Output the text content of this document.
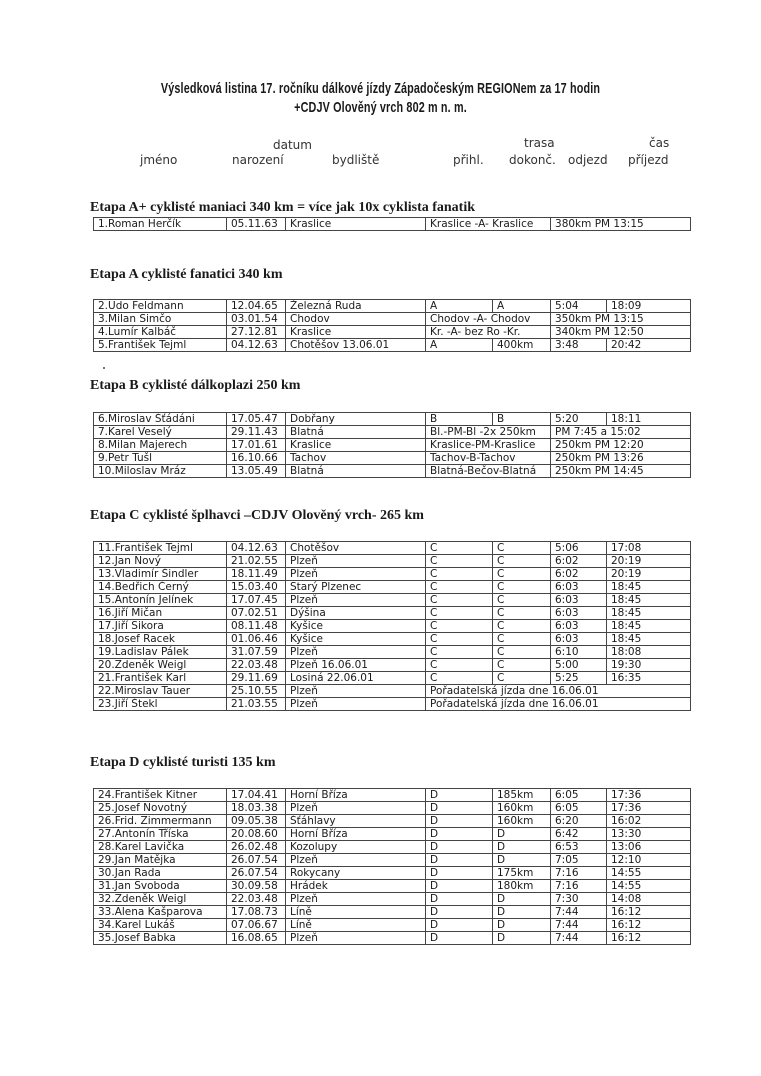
Výsledková listina 17. ročníku dálkové jízdy Západočeským REGIONem za 17 hodin
+CDJV Olověný vrch 802 m n. m.
datum	trasa	čas
jméno	narození	bydliště	přihl. dokonč. odjezd příjezd
Etapa A+ cyklisté maniaci 340 km = více jak 10x cyklista fanatik
1.Roman Herčík	05.11.63	Kraslice	Kraslice -A- Kraslice	380km PM 13:15
Etapa A cyklisté fanatici 340 km
2.Udo Feldmann	12.04.65	Železná Ruda	A	A	5:04	18:09
3.Milan Simčo	03.01.54	Chodov	Chodov -A- Chodov		350km PM 13:15	
4.Lumír Kalbáč	27.12.81	Kraslice	Kr. -A- bez Ro -Kr.		340km PM 12:50	
5.František Tejml	04.12.63	Chotěšov 13.06.01	A	400km	3:48	20:42
Etapa B cyklisté dálkoplazi 250 km
6.Miroslav Šťádáni	17.05.47	Dobřany	B	B	5:20	18:11
7.Karel Veselý	29.11.43	Blatná	Bl.-PM-Bl -2x 250km		PM 7:45 a 15:02	
8.Milan Majerech	17.01.61	Kraslice	Kraslice-PM-Kraslice		250km PM 12:20	
9.Petr Tušl	16.10.66	Tachov	Tachov-B-Tachov		250km PM 13:26	
10.Miloslav Mráz	13.05.49	Blatná	Blatná-Bečov-Blatná		250km PM 14:45	
Etapa C cyklisté šplhavci –CDJV Olověný vrch- 265 km
11.František Tejml	04.12.63	Chotěšov	C	C	5:06	17:08
12.Jan Nový	21.02.55	Plzeň	C	C	6:02	20:19
13.Vladimír Šindler	18.11.49	Plzeň	C	C	6:02	20:19
14.Bedřich Černý	15.03.40	Starý Plzenec	C	C	6:03	18:45
15.Antonín Jelínek	17.07.45	Plzeň	C	C	6:03	18:45
16.Jiří Mičan	07.02.51	Dýšina	C	C	6:03	18:45
17.Jiří Sikora	08.11.48	Kyšice	C	C	6:03	18:45
18.Josef Racek	01.06.46	Kyšice	C	C	6:03	18:45
19.Ladislav Pálek	31.07.59	Plzeň	C	C	6:10	18:08
20.Zdeněk Weigl	22.03.48	Plzeň 16.06.01	C	C	5:00	19:30
21.František Karl	29.11.69	Losiná 22.06.01	C	C	5:25	16:35
22.Miroslav Tauer	25.10.55	Plzeň	Pořadatelská jízda dne 16.06.01			
23.Jiří Štekl	21.03.55	Plzeň	Pořadatelská jízda dne 16.06.01			
Etapa D cyklisté turisti 135 km
24.František Kitner	17.04.41	Horní Bříza	D	185km	6:05	17:36
25.Josef Novotný	18.03.38	Plzeň	D	160km	6:05	17:36
26.Frid. Zimmermann	09.05.38	Šťáhlavy	D	160km	6:20	16:02
27.Antonín Tříska	20.08.60	Horní Bříza	D	D	6:42	13:30
28.Karel Lavička	26.02.48	Kozolupy	D	D	6:53	13:06
29.Jan Matějka	26.07.54	Plzeň	D	D	7:05	12:10
30.Jan Rada	26.07.54	Rokycany	D	175km	7:16	14:55
31.Jan Svoboda	30.09.58	Hrádek	D	180km	7:16	14:55
32.Zdeněk Weigl	22.03.48	Plzeň	D	D	7:30	14:08
33.Alena Kašparova	17.08.73	Líně	D	D	7:44	16:12
34.Karel Lukáš	07.06.67	Líně	D	D	7:44	16:12
35.Josef Babka	16.08.65	Plzeň	D	D	7:44	16:12
